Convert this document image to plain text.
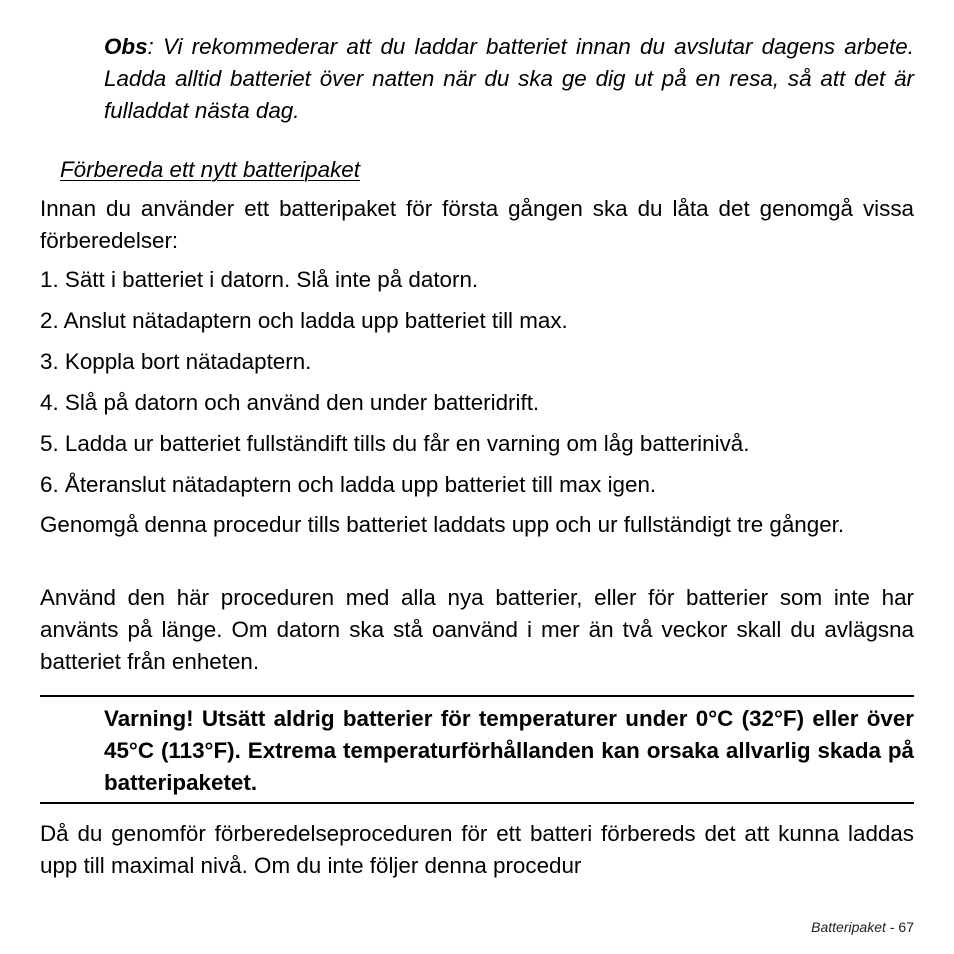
Obs: Vi rekommederar att du laddar batteriet innan du avslutar dagens arbete. Ladda alltid batteriet över natten när du ska ge dig ut på en resa, så att det är fulladdat nästa dag.
Förbereda ett nytt batteripaket
Innan du använder ett batteripaket för första gången ska du låta det genomgå vissa förberedelser:
1. Sätt i batteriet i datorn. Slå inte på datorn.
2. Anslut nätadaptern och ladda upp batteriet till max.
3. Koppla bort nätadaptern.
4. Slå på datorn och använd den under batteridrift.
5. Ladda ur batteriet fullständift tills du får en varning om låg batterinivå.
6. Återanslut nätadaptern och ladda upp batteriet till max igen.
Genomgå denna procedur tills batteriet laddats upp och ur fullständigt tre gånger.
Använd den här proceduren med alla nya batterier, eller för batterier som inte har använts på länge. Om datorn ska stå oanvänd i mer än två veckor skall du avlägsna batteriet från enheten.
Varning! Utsätt aldrig batterier för temperaturer under 0°C (32°F) eller över 45°C (113°F). Extrema temperaturförhållanden kan orsaka allvarlig skada på batteripaketet.
Då du genomför förberedelseproceduren för ett batteri förbereds det att kunna laddas upp till maximal nivå. Om du inte följer denna procedur
Batteripaket - 67
